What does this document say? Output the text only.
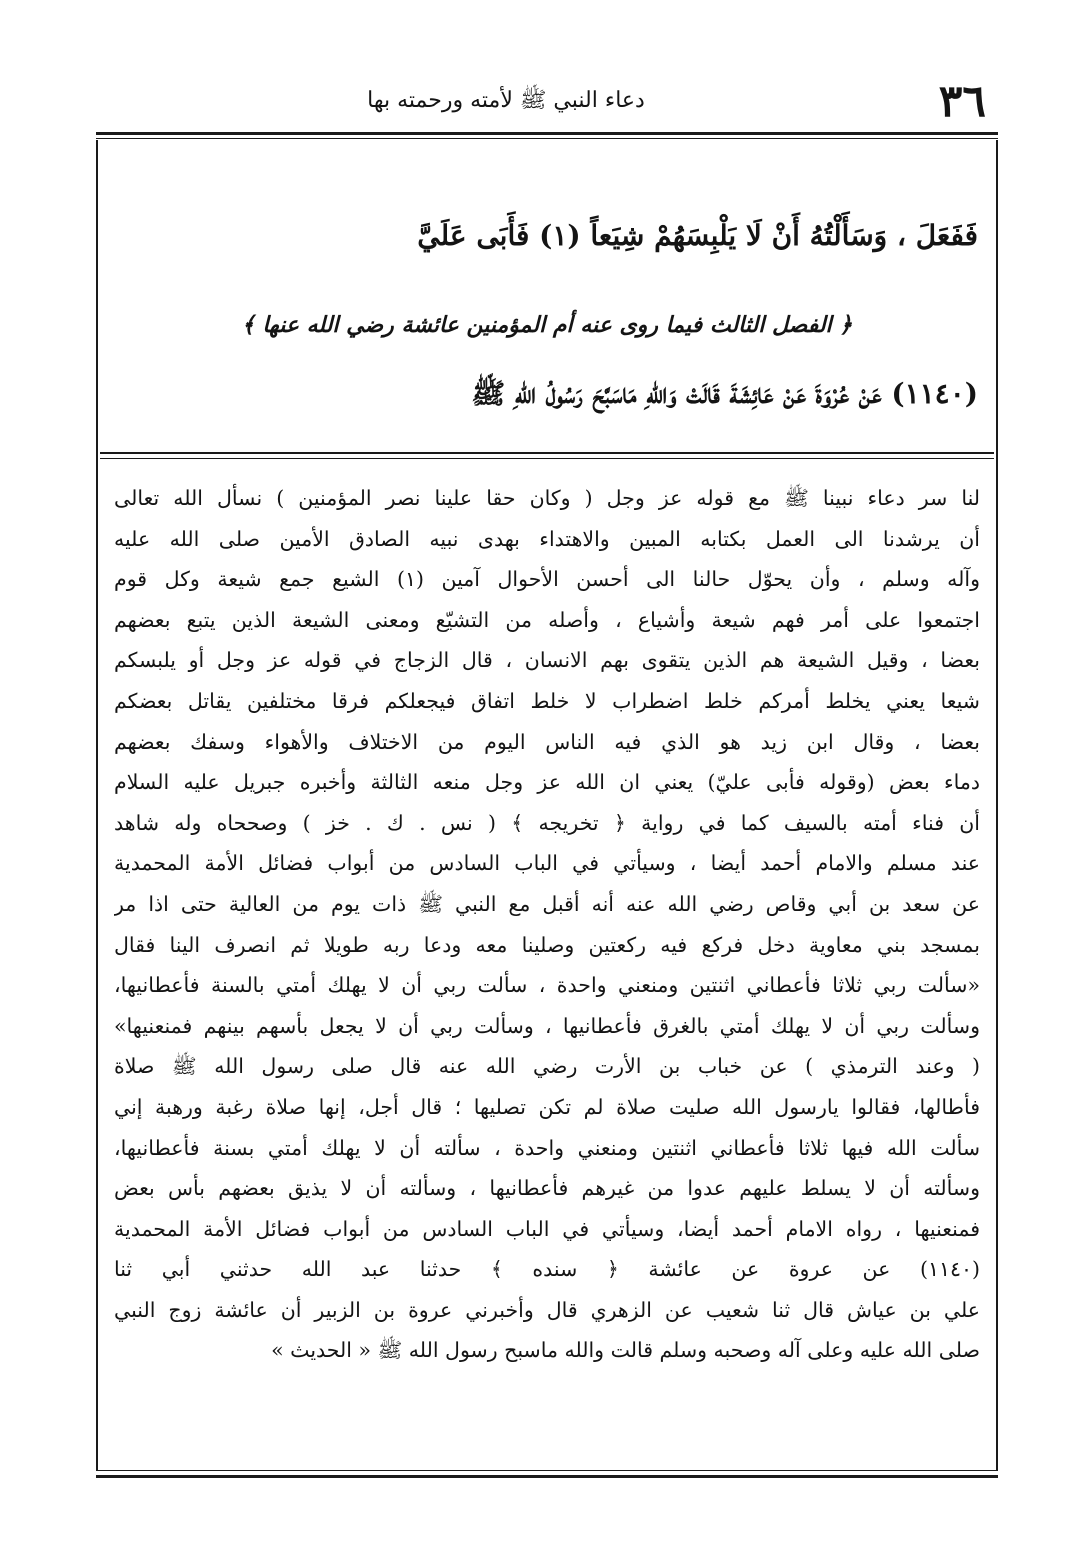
٣٦
دعاء النبي ﷺ لأمته ورحمته بها
فَفَعَلَ ، وَسَأَلْتُهُ أَنْ لَا يَلْبِسَهُمْ شِيَعاً (١) فَأَبَى عَلَيَّ
﴿ الفصل الثالث فيما روى عنه أم المؤمنين عائشة رضي الله عنها ﴾
(١١٤٠) عَنْ عُرْوَةَ عَنْ عَائِشَةَ قَالَتْ وَاللّٰهِ مَاسَبَّحَ رَسُولُ اللّٰهِ ﷺ
لنا سر دعاء نبينا ﷺ مع قوله عز وجل ( وكان حقا علينا نصر المؤمنين ) نسأل الله تعالى
أن يرشدنا الى العمل بكتابه المبين والاهتداء بهدى نبيه الصادق الأمين صلى الله عليه
وآله وسلم ، وأن يحوّل حالنا الى أحسن الأحوال آمين (١) الشيع جمع شيعة وكل قوم
اجتمعوا على أمر فهم شيعة وأشياع ، وأصله من التشيّع ومعنى الشيعة الذين يتبع بعضهم
بعضا ، وقيل الشيعة هم الذين يتقوى بهم الانسان ، قال الزجاج في قوله عز وجل أو يلبسكم
شيعا يعني يخلط أمركم خلط اضطراب لا خلط اتفاق فيجعلكم فرقا مختلفين يقاتل بعضكم
بعضا ، وقال ابن زيد هو الذي فيه الناس اليوم من الاختلاف والأهواء وسفك بعضهم
دماء بعض (وقوله فأبى عليّ) يعني ان الله عز وجل منعه الثالثة وأخبره جبريل عليه السلام
أن فناء أمته بالسيف كما في رواية ﴿ تخريجه ﴾ ( نس . ك . خز ) وصححاه وله شاهد
عند مسلم والامام أحمد أيضا ، وسيأتي في الباب السادس من أبواب فضائل الأمة المحمدية
عن سعد بن أبي وقاص رضي الله عنه أنه أقبل مع النبي ﷺ ذات يوم من العالية حتى اذا مر
بمسجد بني معاوية دخل فركع فيه ركعتين وصلينا معه ودعا ربه طويلا ثم انصرف الينا فقال
«سألت ربي ثلاثا فأعطاني اثنتين ومنعني واحدة ، سألت ربي أن لا يهلك أمتي بالسنة فأعطانيها،
وسألت ربي أن لا يهلك أمتي بالغرق فأعطانيها ، وسألت ربي أن لا يجعل بأسهم بينهم فمنعنيها»
( وعند الترمذي ) عن خباب بن الأرت رضي الله عنه قال صلى رسول الله ﷺ صلاة
فأطالها، فقالوا يارسول الله صليت صلاة لم تكن تصليها ؛ قال أجل، إنها صلاة رغبة ورهبة إني
سألت الله فيها ثلاثا فأعطاني اثنتين ومنعني واحدة ، سألته أن لا يهلك أمتي بسنة فأعطانيها،
وسألته أن لا يسلط عليهم عدوا من غيرهم فأعطانيها ، وسألته أن لا يذيق بعضهم بأس بعض
فمنعنيها ، رواه الامام أحمد أيضا، وسيأتي في الباب السادس من أبواب فضائل الأمة المحمدية
(١١٤٠) عن عروة عن عائشة ﴿ سنده ﴾ حدثنا عبد الله حدثني أبي ثنا
علي بن عياش قال ثنا شعيب عن الزهري قال وأخبرني عروة بن الزبير أن عائشة زوج النبي
صلى الله عليه وعلى آله وصحبه وسلم قالت والله ماسبح رسول الله ﷺ « الحديث »
